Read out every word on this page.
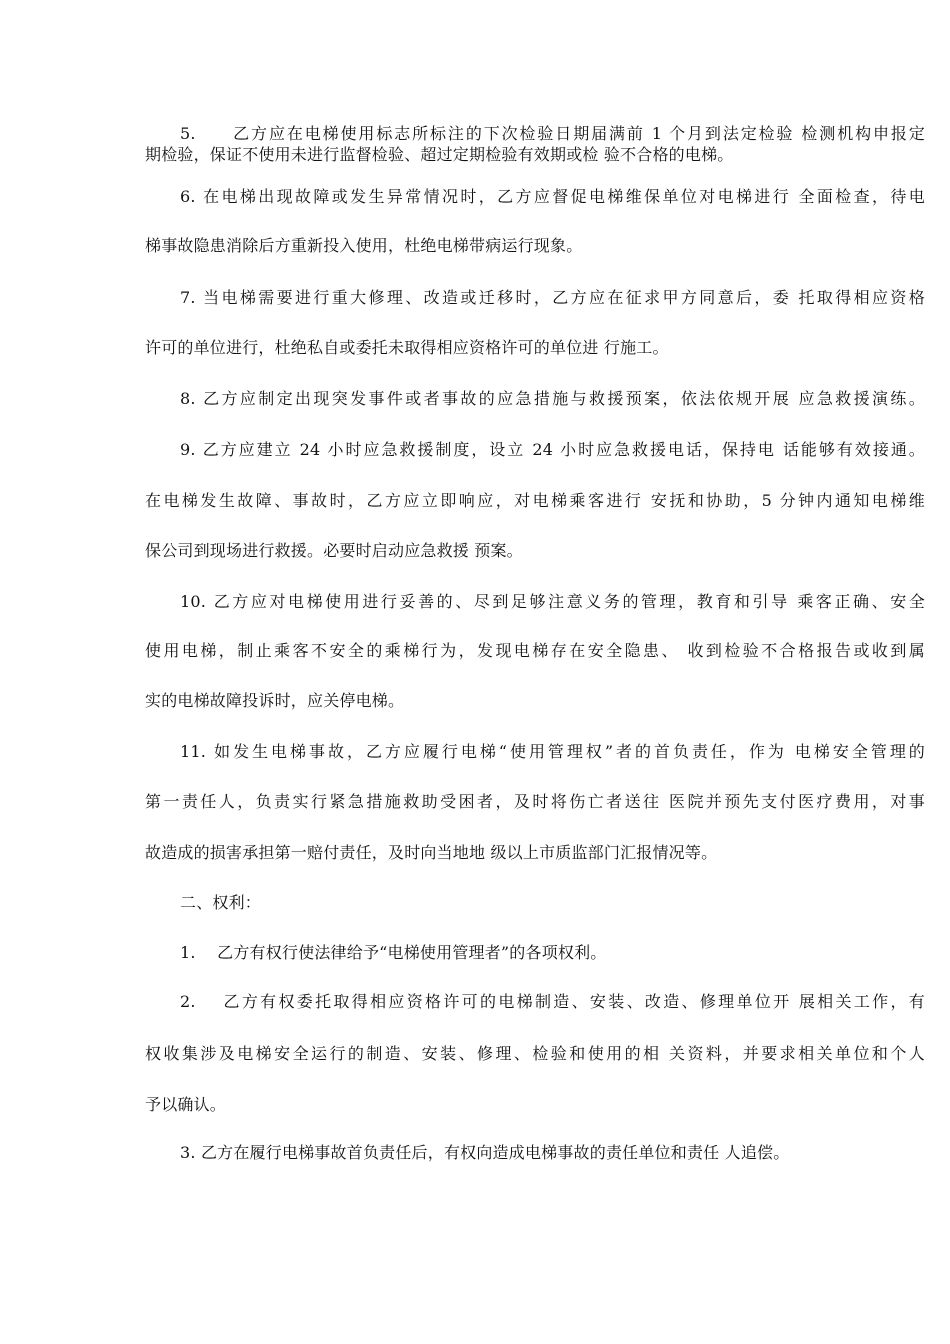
5.　　乙方应在电梯使用标志所标注的下次检验日期届满前 1 个月到法定检验 检测机构申报定
期检验，保证不使用未进行监督检验、超过定期检验有效期或检 验不合格的电梯。
6. 在电梯出现故障或发生异常情况时，乙方应督促电梯维保单位对电梯进行 全面检查，待电
梯事故隐患消除后方重新投入使用，杜绝电梯带病运行现象。
7. 当电梯需要进行重大修理、改造或迁移时，乙方应在征求甲方同意后，委 托取得相应资格
许可的单位进行，杜绝私自或委托未取得相应资格许可的单位进 行施工。
8. 乙方应制定出现突发事件或者事故的应急措施与救援预案，依法依规开展 应急救援演练。
9. 乙方应建立 24 小时应急救援制度，设立 24 小时应急救援电话，保持电 话能够有效接通。
在电梯发生故障、事故时，乙方应立即响应，对电梯乘客进行 安抚和协助，5 分钟内通知电梯维
保公司到现场进行救援。必要时启动应急救援 预案。
10. 乙方应对电梯使用进行妥善的、尽到足够注意义务的管理，教育和引导 乘客正确、安全
使用电梯，制止乘客不安全的乘梯行为，发现电梯存在安全隐患、 收到检验不合格报告或收到属
实的电梯故障投诉时，应关停电梯。
11. 如发生电梯事故，乙方应履行电梯“使用管理权”者的首负责任，作为 电梯安全管理的
第一责任人，负责实行紧急措施救助受困者，及时将伤亡者送往 医院并预先支付医疗费用，对事
故造成的损害承担第一赔付责任，及时向当地地 级以上市质监部门汇报情况等。
二、权利：
1.　 乙方有权行使法律给予“电梯使用管理者”的各项权利。
2.　 乙方有权委托取得相应资格许可的电梯制造、安装、改造、修理单位开 展相关工作，有
权收集涉及电梯安全运行的制造、安装、修理、检验和使用的相 关资料，并要求相关单位和个人
予以确认。
3. 乙方在履行电梯事故首负责任后，有权向造成电梯事故的责任单位和责任 人追偿。
